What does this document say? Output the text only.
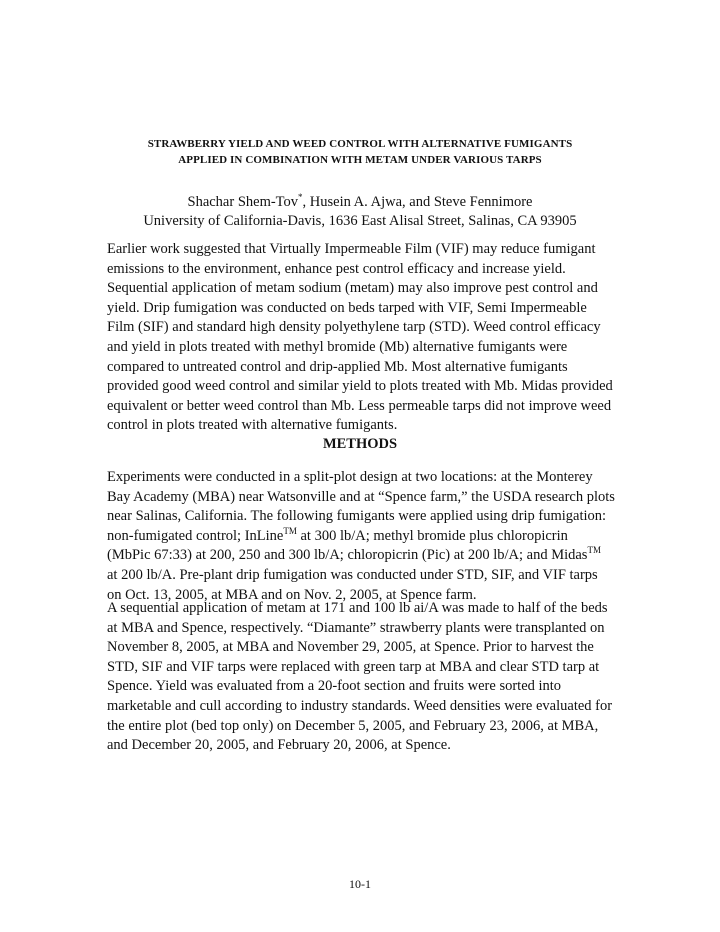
STRAWBERRY YIELD AND WEED CONTROL WITH ALTERNATIVE FUMIGANTS
APPLIED IN COMBINATION WITH METAM UNDER VARIOUS TARPS
Shachar Shem-Tov*, Husein A. Ajwa, and Steve Fennimore
University of California-Davis, 1636 East Alisal Street, Salinas, CA 93905

Earlier work suggested that Virtually Impermeable Film (VIF) may reduce fumigant emissions to the environment, enhance pest control efficacy and increase yield. Sequential application of metam sodium (metam) may also improve pest control and yield. Drip fumigation was conducted on beds tarped with VIF, Semi Impermeable Film (SIF) and standard high density polyethylene tarp (STD). Weed control efficacy and yield in plots treated with methyl bromide (Mb) alternative fumigants were compared to untreated control and drip-applied Mb. Most alternative fumigants provided good weed control and similar yield to plots treated with Mb. Midas provided equivalent or better weed control than Mb. Less permeable tarps did not improve weed control in plots treated with alternative fumigants.

METHODS

Experiments were conducted in a split-plot design at two locations: at the Monterey Bay Academy (MBA) near Watsonville and at “Spence farm,” the USDA research plots near Salinas, California. The following fumigants were applied using drip fumigation: non-fumigated control; InLine™ at 300 lb/A; methyl bromide plus chloropicrin (MbPic 67:33) at 200, 250 and 300 lb/A; chloropicrin (Pic) at 200 lb/A; and Midas™ at 200 lb/A. Pre-plant drip fumigation was conducted under STD, SIF, and VIF tarps on Oct. 13, 2005, at MBA and on Nov. 2, 2005, at Spence farm.

A sequential application of metam at 171 and 100 lb ai/A was made to half of the beds at MBA and Spence, respectively. “Diamante” strawberry plants were transplanted on November 8, 2005, at MBA and November 29, 2005, at Spence. Prior to harvest the STD, SIF and VIF tarps were replaced with green tarp at MBA and clear STD tarp at Spence. Yield was evaluated from a 20-foot section and fruits were sorted into marketable and cull according to industry standards. Weed densities were evaluated for the entire plot (bed top only) on December 5, 2005, and February 23, 2006, at MBA, and December 20, 2005, and February 20, 2006, at Spence.

10-1
